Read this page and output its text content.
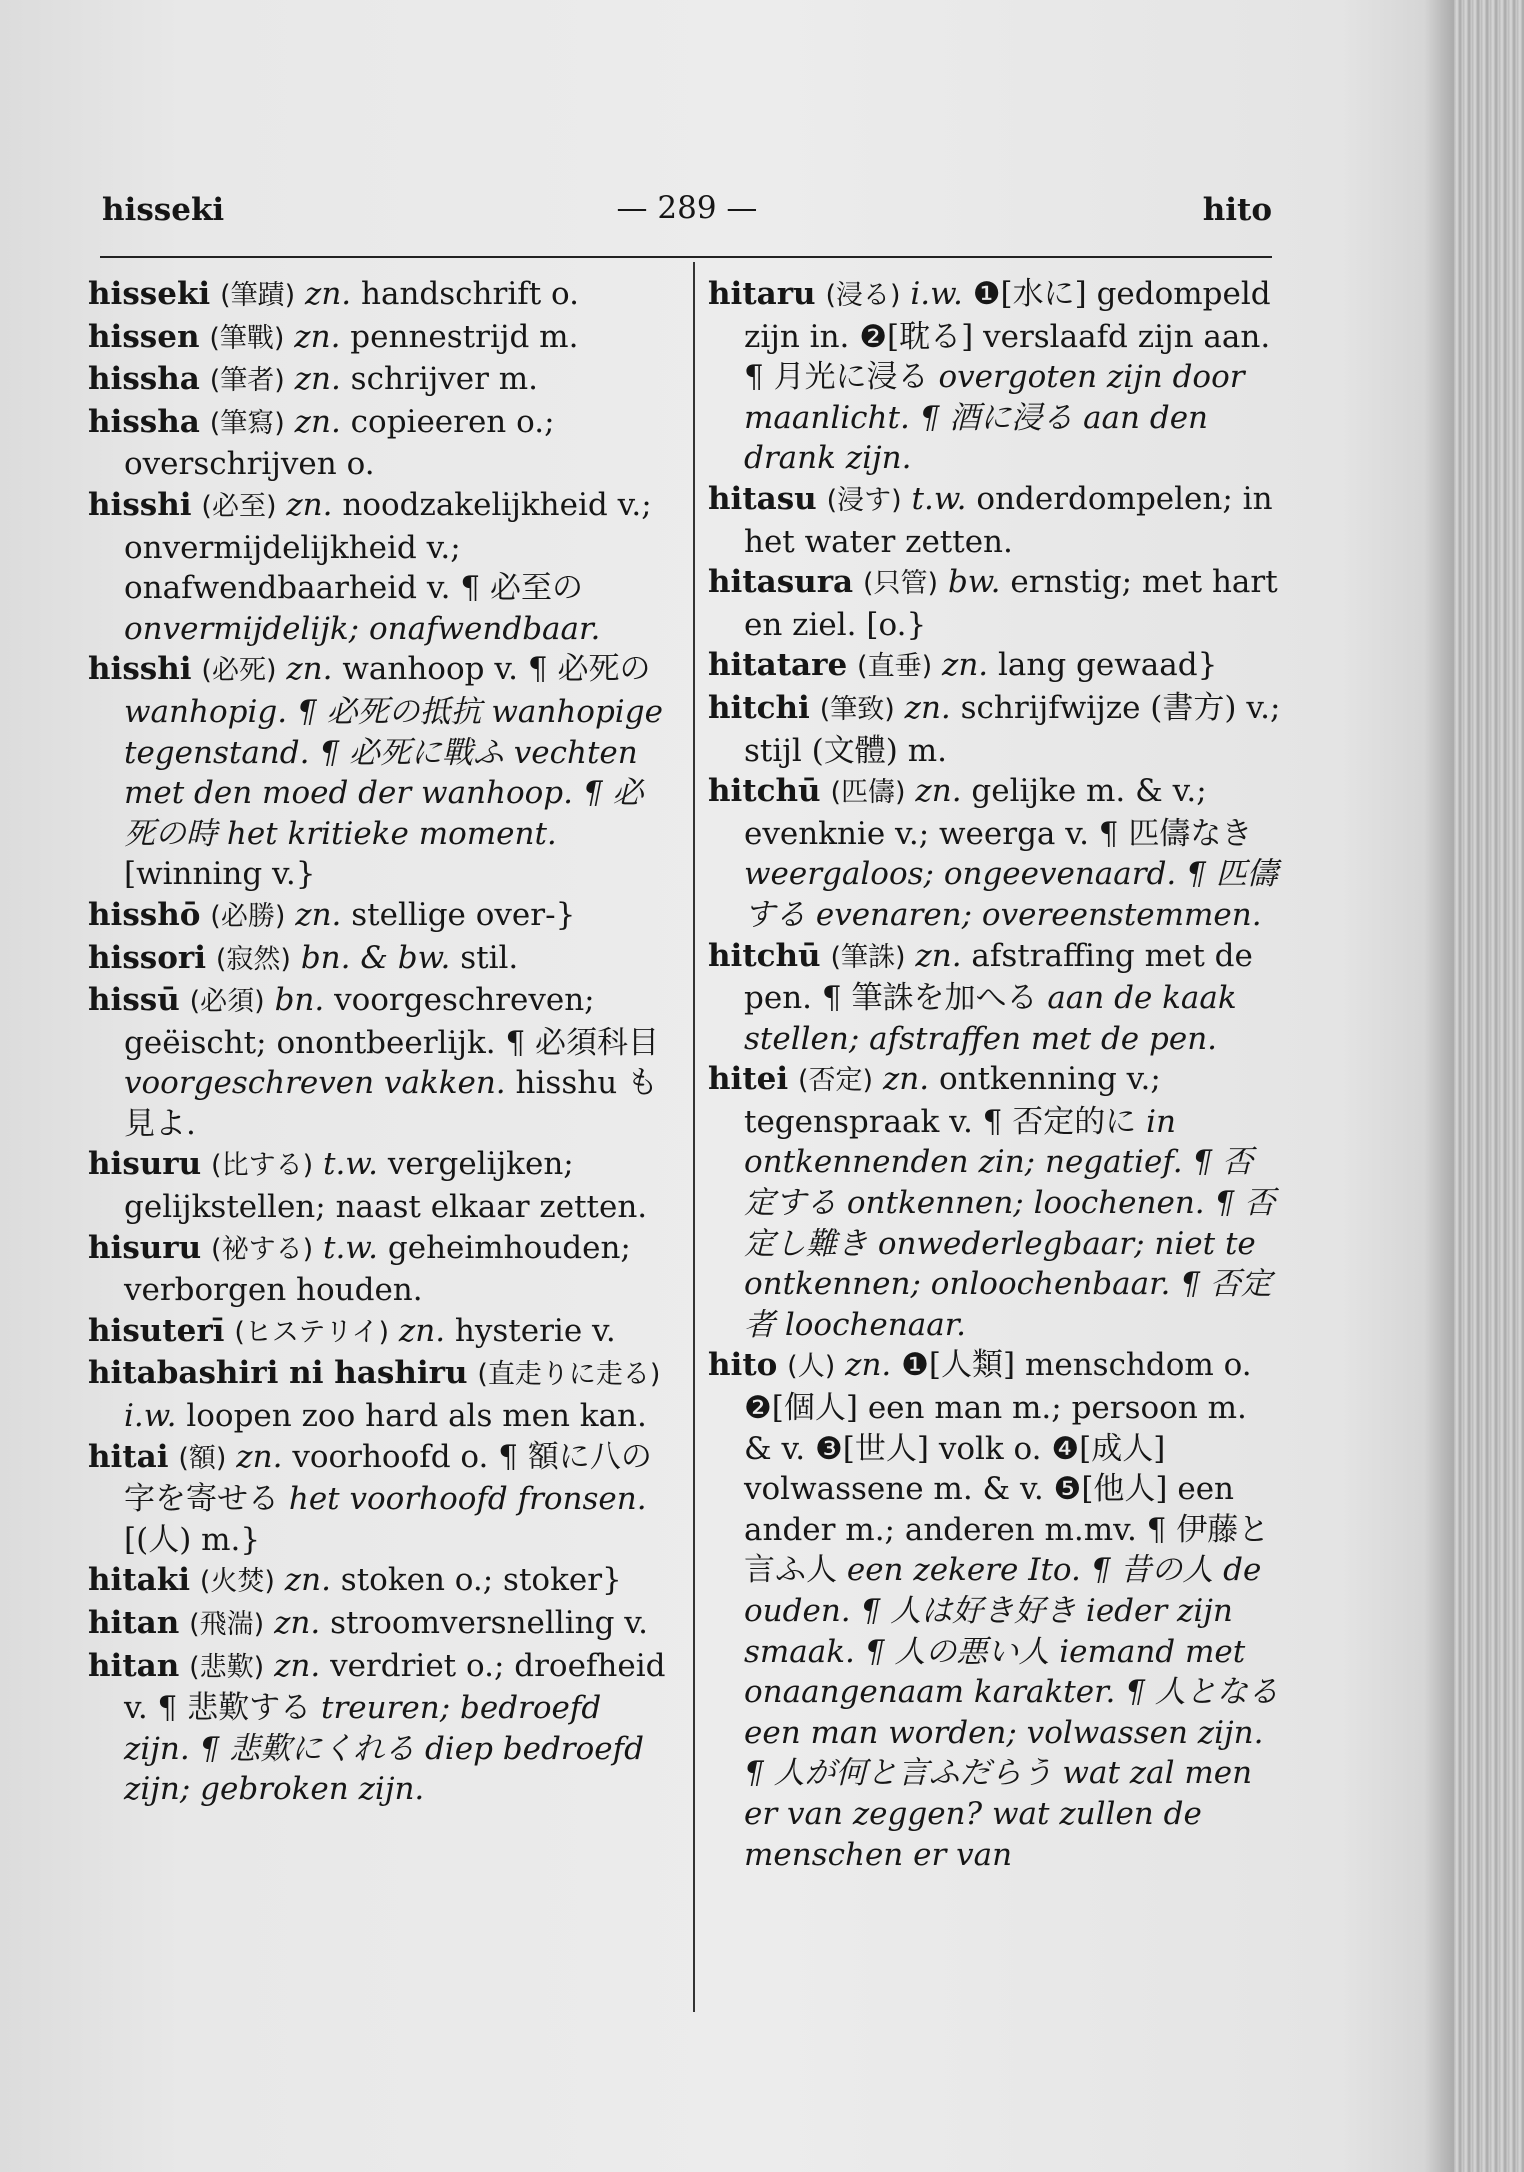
hisseki	— 289 —	hito

hisseki (筆蹟) zn. handschrift o.

hissen (筆戰) zn. pennestrijd m.

hissha (筆者) zn. schrijver m.

hissha (筆寫) zn. copieeren o.; overschrijven o.

hisshi (必至) zn. noodzakelijkheid v.; onvermijdelijkheid v.; onafwendbaarheid v. ¶ 必至の onvermijdelijk; onafwendbaar.

hisshi (必死) zn. wanhoop v. ¶ 必死の wanhopig. ¶ 必死の抵抗 wanhopige tegenstand. ¶ 必死に戰ふ vechten met den moed der wanhoop. ¶ 必死の時 het kritieke moment. [winning v.}

hisshō (必勝) zn. stellige over-}

hissori (寂然) bn. & bw. stil.

hissū (必須) bn. voorgeschreven; geëischt; onontbeerlijk. ¶ 必須科目 voorgeschreven vakken. hisshu も見よ.

hisuru (比する) t.w. vergelijken; gelijkstellen; naast elkaar zetten.

hisuru (祕する) t.w. geheimhouden; verborgen houden.

hisuterī (ヒステリイ) zn. hysterie v.

hitabashiri ni hashiru (直走りに走る) i.w. loopen zoo hard als men kan.

hitai (額) zn. voorhoofd o. ¶ 額に八の字を寄せる het voorhoofd fronsen. [(人) m.}

hitaki (火焚) zn. stoken o.; stoker}

hitan (飛湍) zn. stroomversnelling v.

hitan (悲歎) zn. verdriet o.; droefheid v. ¶ 悲歎する treuren; bedroefd zijn. ¶ 悲歎にくれる diep bedroefd zijn; gebroken zijn.

hitaru (浸る) i.w. ❶[水に] gedompeld zijn in. ❷[耽る] verslaafd zijn aan. ¶ 月光に浸る overgoten zijn door maanlicht. ¶ 酒に浸る aan den drank zijn.

hitasu (浸す) t.w. onderdompelen; in het water zetten.

hitasura (只管) bw. ernstig; met hart en ziel. [o.}

hitatare (直垂) zn. lang gewaad}

hitchi (筆致) zn. schrijfwijze (書方) v.; stijl (文體) m.

hitchū (匹儔) zn. gelijke m. & v.; evenknie v.; weerga v. ¶ 匹儔なき weergaloos; ongeevenaard. ¶ 匹儔する evenaren; overeenstemmen.

hitchū (筆誅) zn. afstraffing met de pen. ¶ 筆誅を加へる aan de kaak stellen; afstraffen met de pen.

hitei (否定) zn. ontkenning v.; tegenspraak v. ¶ 否定的に in ontkennenden zin; negatief. ¶ 否定する ontkennen; loochenen. ¶ 否定し難き onwederlegbaar; niet te ontkennen; onloochenbaar. ¶ 否定者 loochenaar.

hito (人) zn. ❶[人類] menschdom o. ❷[個人] een man m.; persoon m. & v. ❸[世人] volk o. ❹[成人] volwassene m. & v. ❺[他人] een ander m.; anderen m.mv. ¶ 伊藤と言ふ人 een zekere Ito. ¶ 昔の人 de ouden. ¶ 人は好き好き ieder zijn smaak. ¶ 人の悪い人 iemand met onaangenaam karakter. ¶ 人となる een man worden; volwassen zijn. ¶ 人が何と言ふだらう wat zal men er van zeggen? wat zullen de menschen er van
